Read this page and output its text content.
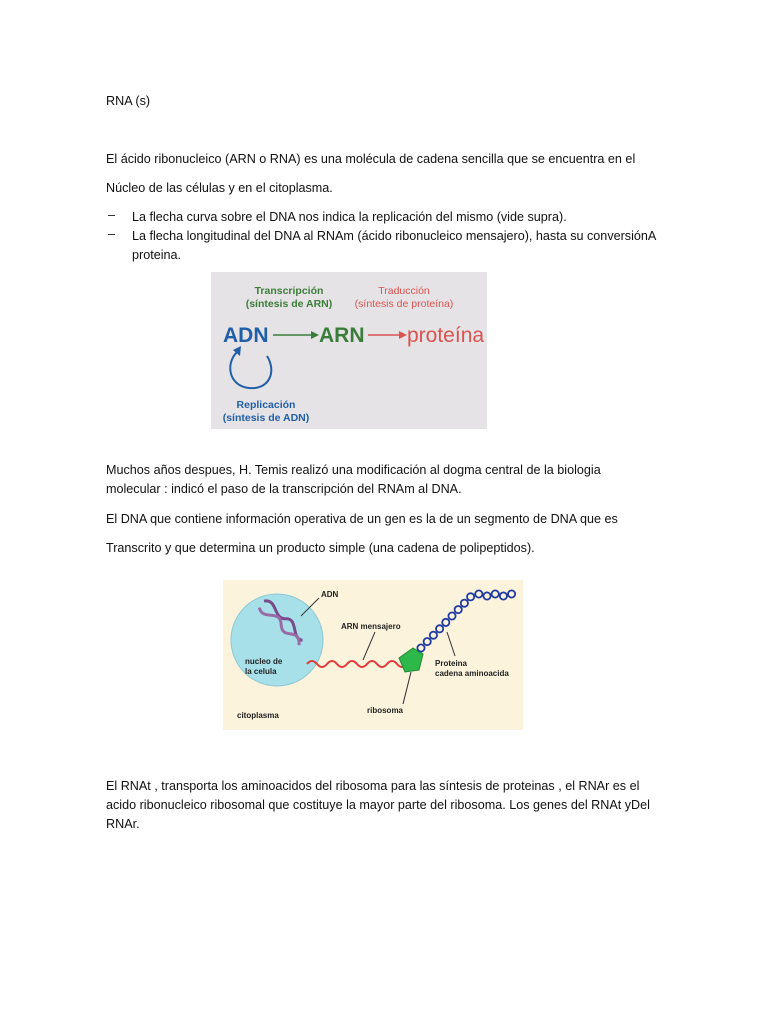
RNA (s)
El ácido ribonucleico (ARN o RNA) es una molécula de cadena sencilla que se encuentra en el
Núcleo de las células y en el citoplasma.
– La flecha curva sobre el DNA nos indica la replicación del mismo (vide supra).
– La flecha longitudinal del DNA al RNAm (ácido ribonucleico mensajero), hasta su conversiónA
proteina.
Transcripción
(síntesis de ARN)
Traducción
(síntesis de proteína)
ADN ARN proteína
Replicación
(síntesis de ADN)
Muchos años despues, H. Temis realizó una modificación al dogma central de la biologia
molecular : indicó el paso de la transcripción del RNAm al DNA.
El DNA que contiene información operativa de un gen es la de un segmento de DNA que es
Transcrito y que determina un producto simple (una cadena de polipeptidos).
ADN
nucleo de
la celula
ARN mensajero
ribosoma
Proteina
cadena aminoacida
citoplasma
El RNAt , transporta los aminoacidos del ribosoma para las síntesis de proteinas , el RNAr es el
acido ribonucleico ribosomal que costituye la mayor parte del ribosoma. Los genes del RNAt yDel
RNAr.
